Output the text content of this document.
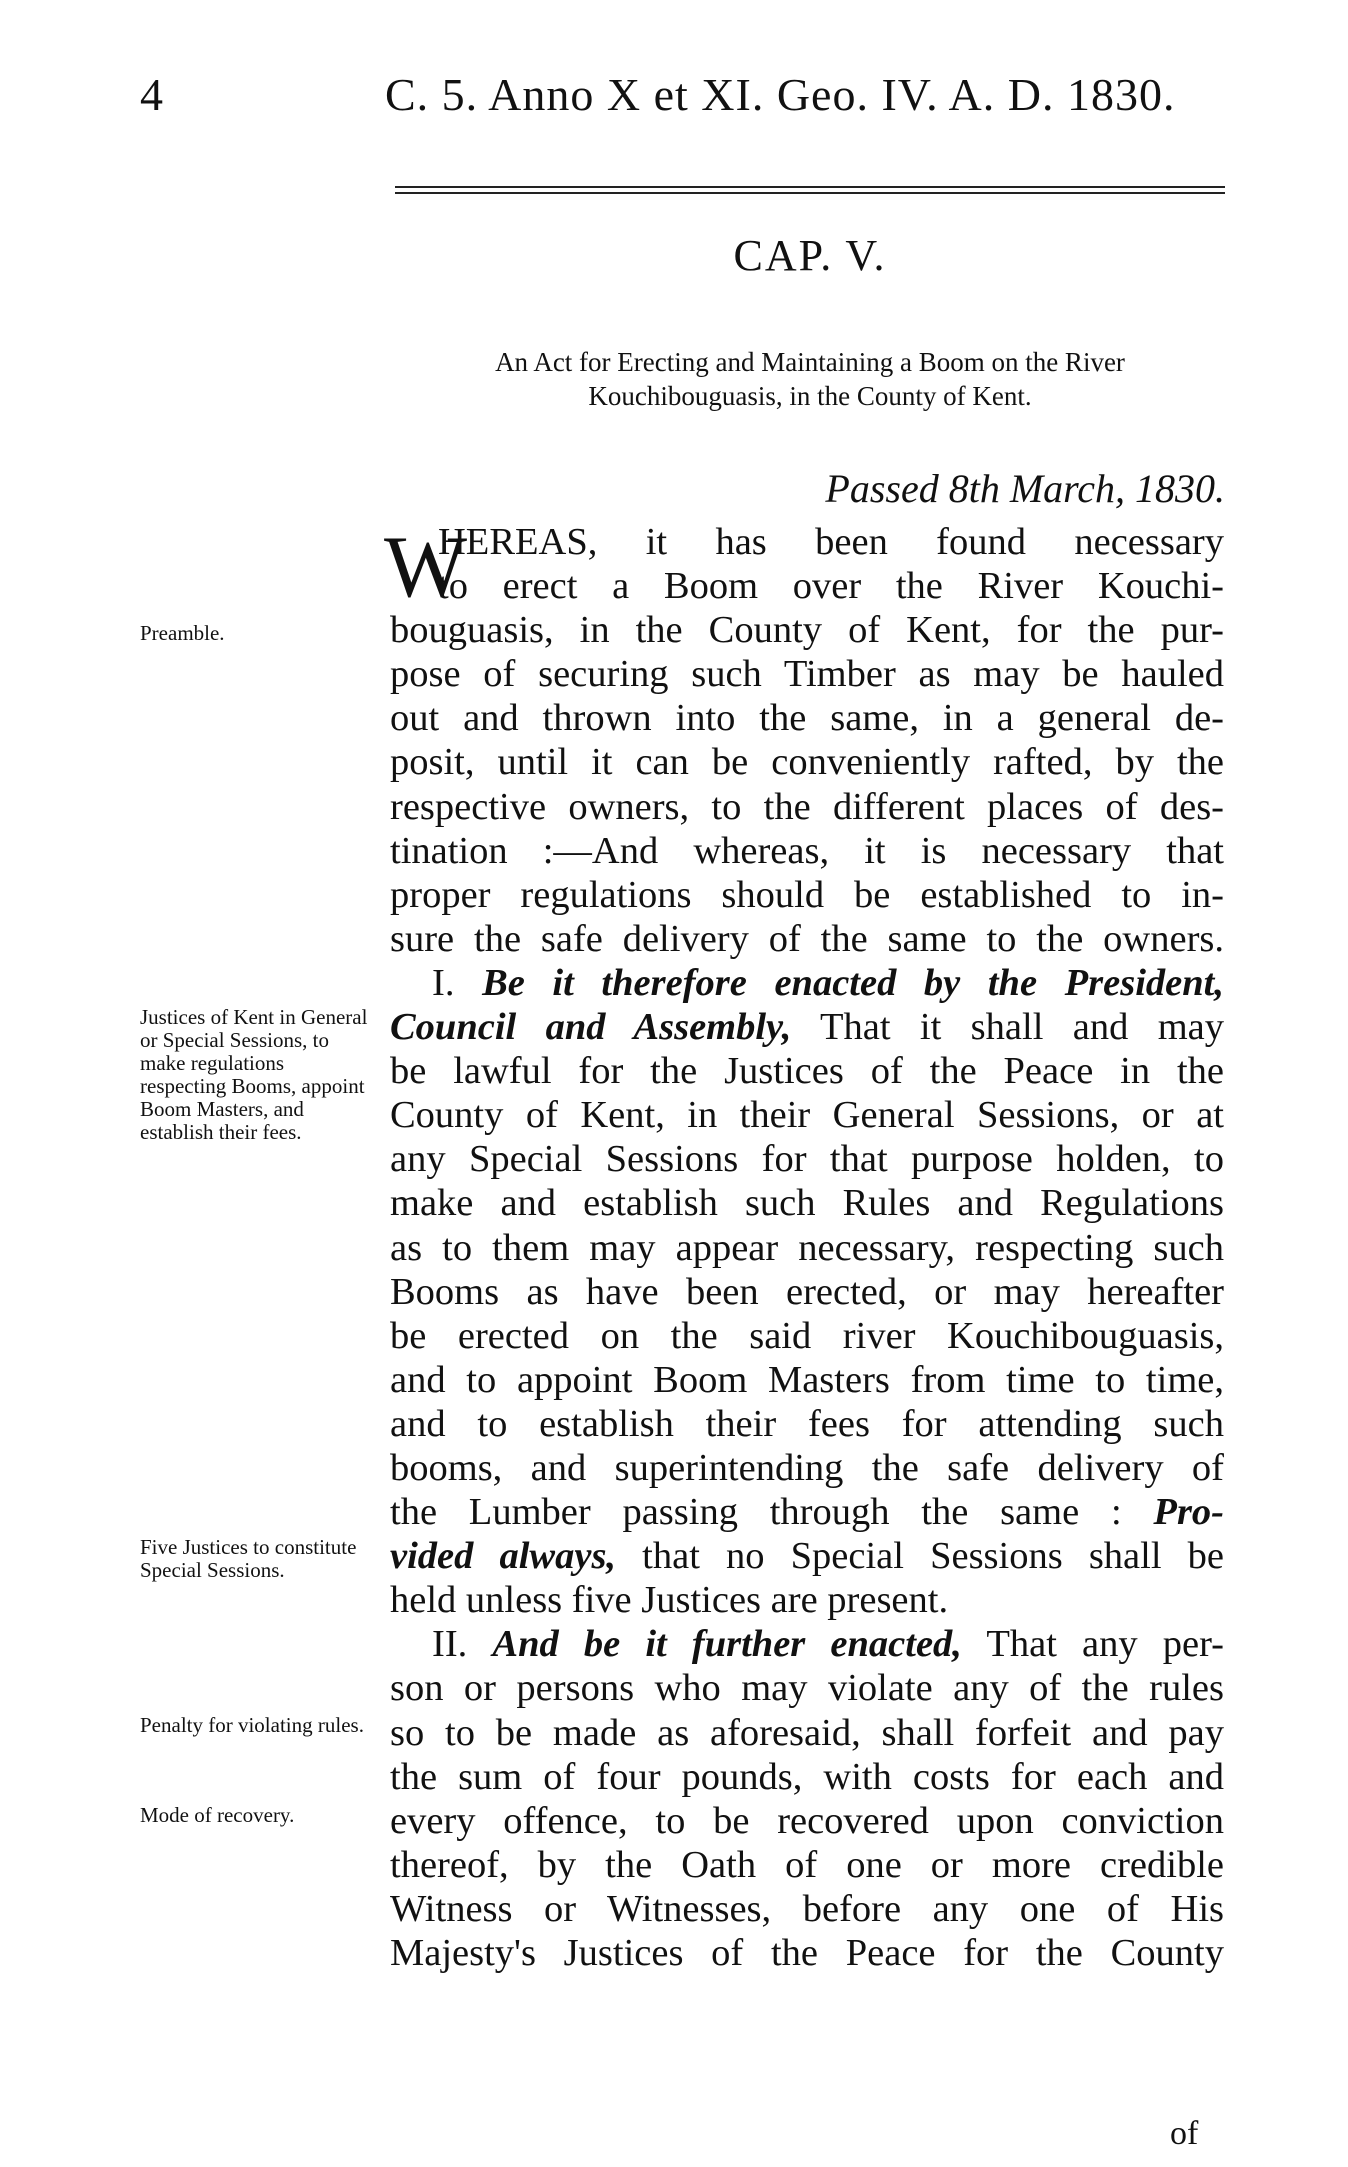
4	C. 5. Anno X et XI. Geo. IV. A. D. 1830.
CAP. V.
An Act for Erecting and Maintaining a Boom on the River
Kouchibouguasis, in the County of Kent.
Passed 8th March, 1830.
Preamble.
Justices of Kent in General or Special Sessions, to make regulations respecting Booms, appoint Boom Masters, and establish their fees.
Five Justices to constitute Special Sessions.
Penalty for violating rules.
Mode of recovery.
W
HEREAS, it has been found necessary
to erect a Boom over the River Kouchi-
bouguasis, in the County of Kent, for the pur-
pose of securing such Timber as may be hauled
out and thrown into the same, in a general de-
posit, until it can be conveniently rafted, by the
respective owners, to the different places of des-
tination :—And whereas, it is necessary that
proper regulations should be established to in-
sure the safe delivery of the same to the owners.
I. Be it therefore enacted by the President,
Council and Assembly, That it shall and may
be lawful for the Justices of the Peace in the
County of Kent, in their General Sessions, or at
any Special Sessions for that purpose holden, to
make and establish such Rules and Regulations
as to them may appear necessary, respecting such
Booms as have been erected, or may hereafter
be erected on the said river Kouchibouguasis,
and to appoint Boom Masters from time to time,
and to establish their fees for attending such
booms, and superintending the safe delivery of
the Lumber passing through the same : Pro-
vided always, that no Special Sessions shall be
held unless five Justices are present.
II. And be it further enacted, That any per-
son or persons who may violate any of the rules
so to be made as aforesaid, shall forfeit and pay
the sum of four pounds, with costs for each and
every offence, to be recovered upon conviction
thereof, by the Oath of one or more credible
Witness or Witnesses, before any one of His
Majesty's Justices of the Peace for the County
of
